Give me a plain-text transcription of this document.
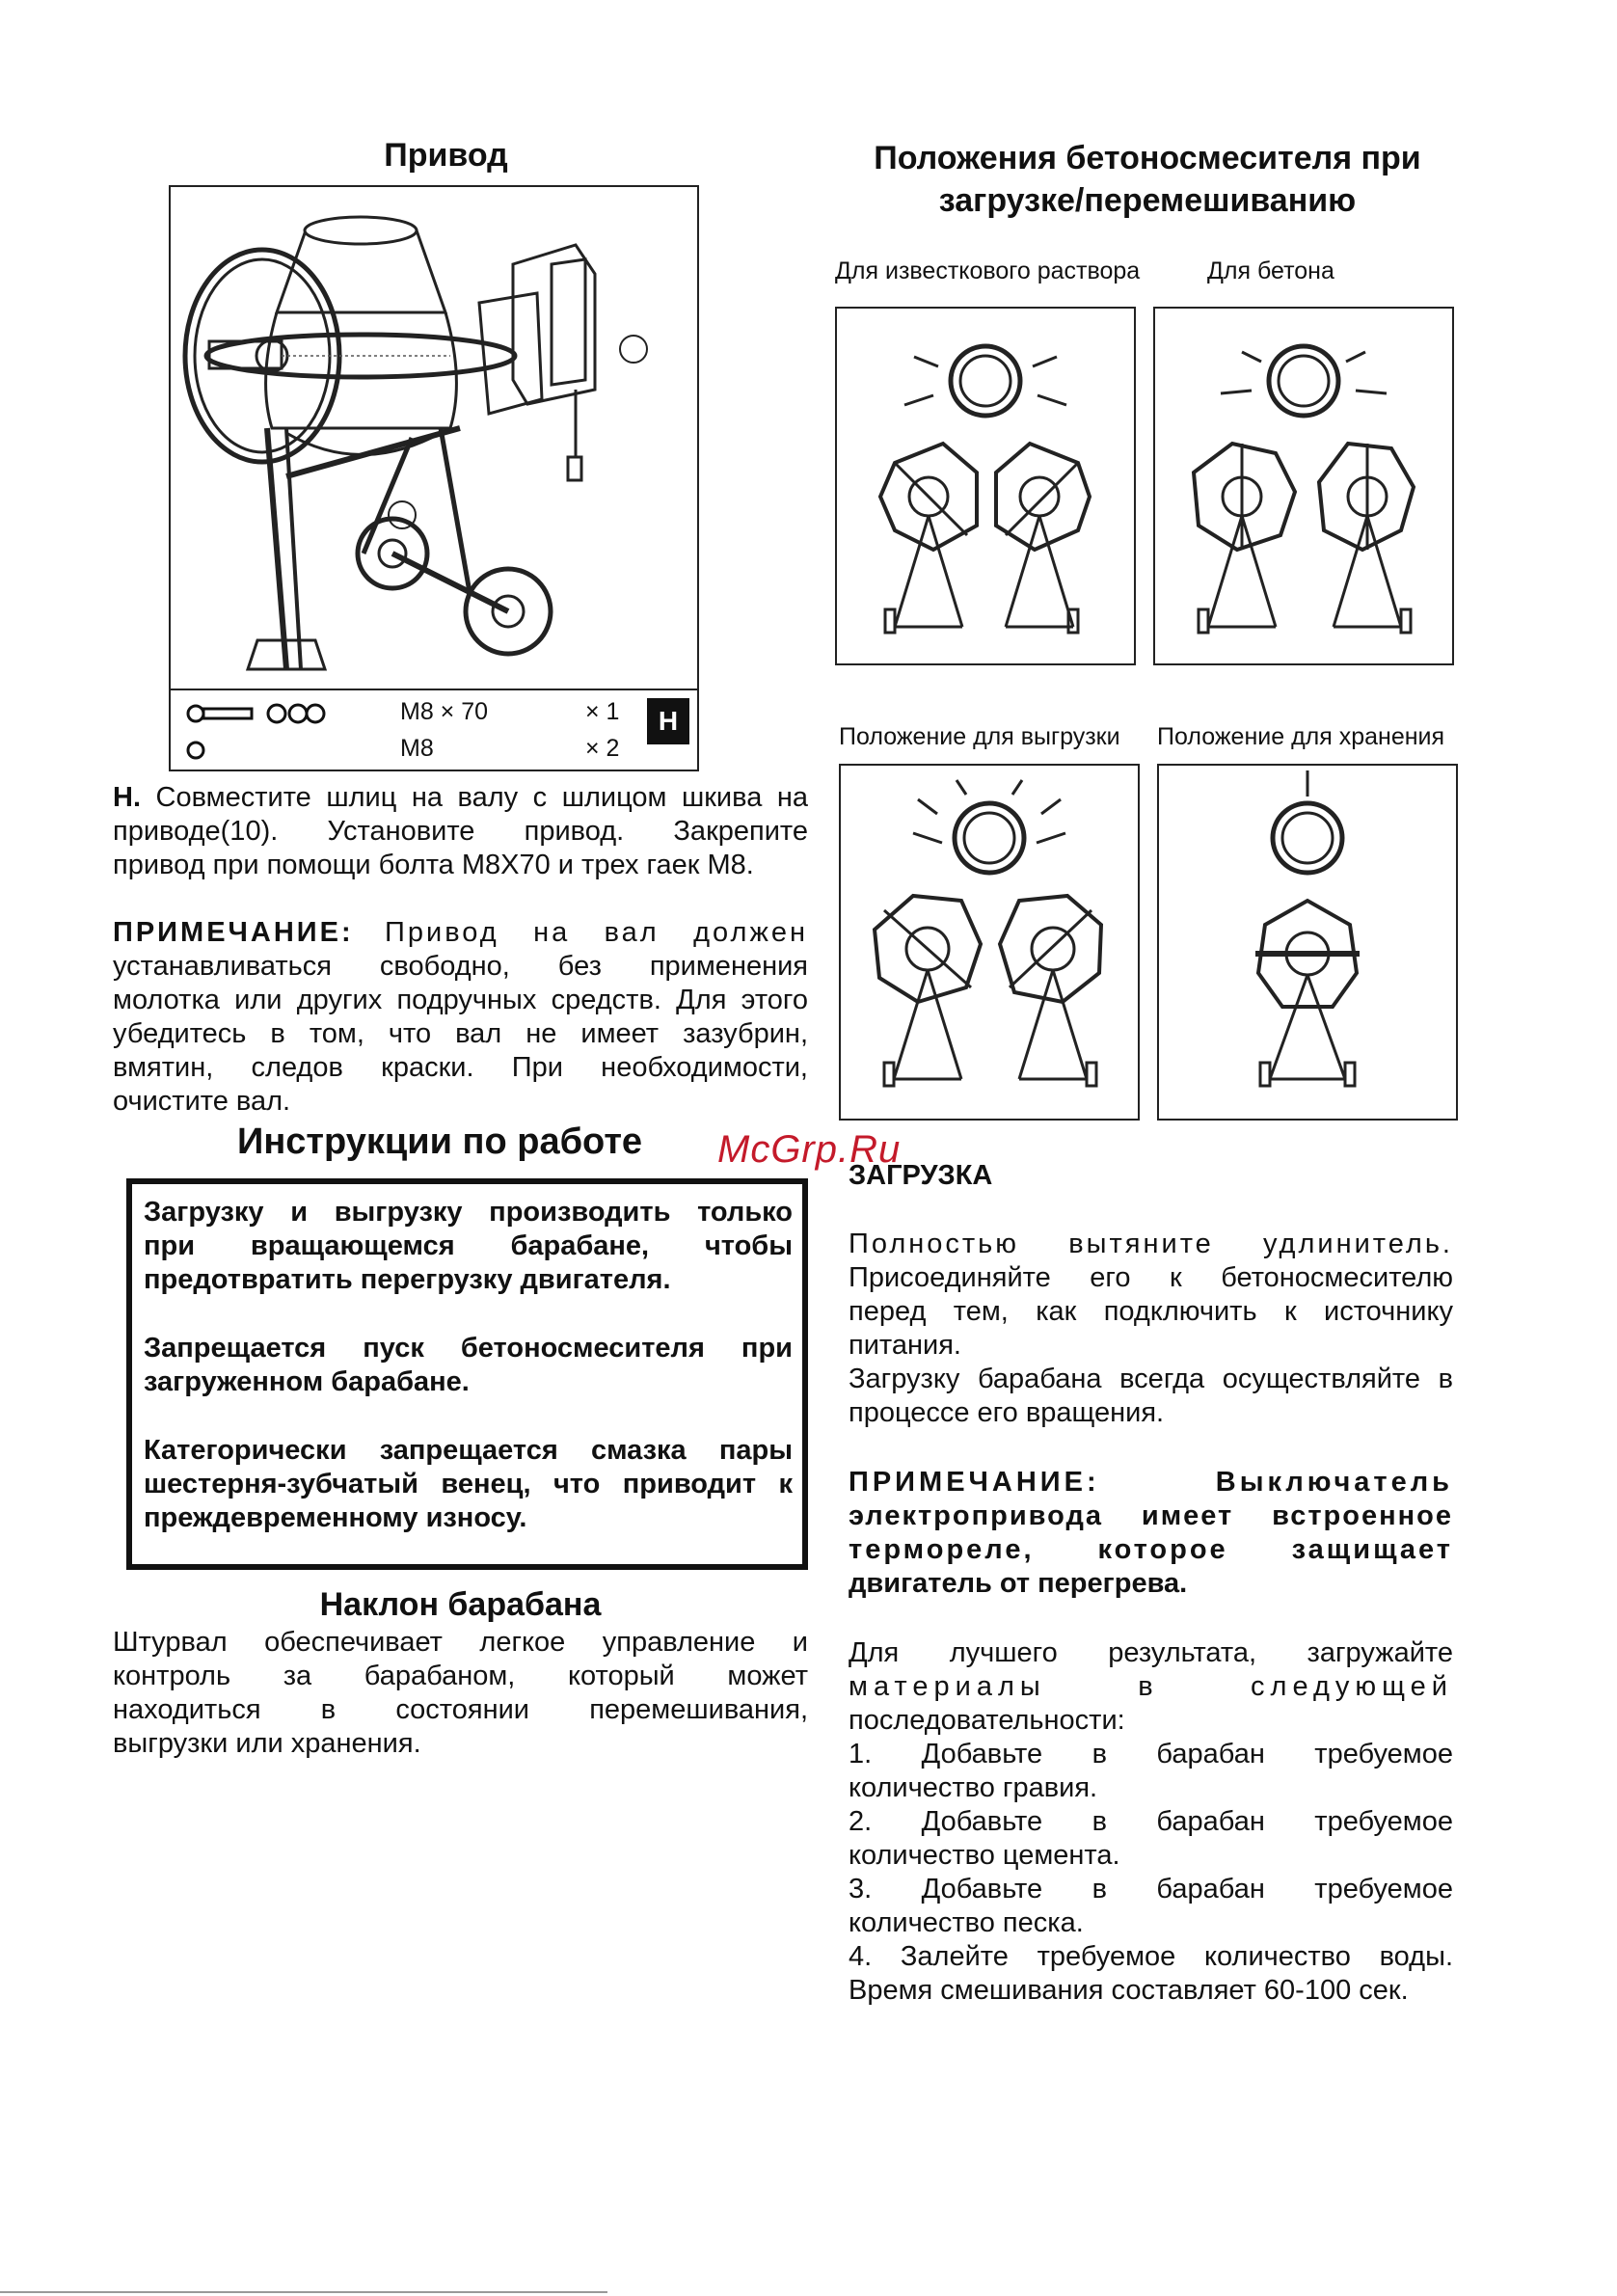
Привод
M8 × 70
M8
× 1
× 2
H
Н. Совместите шлиц на валу с шлицом шкива на
приводе(10). Установите привод. Закрепите
привод при помощи болта М8Х70 и трех гаек М8.
ПРИМЕЧАНИЕ: Привод на вал должен
устанавливаться свободно, без применения
молотка или других подручных средств. Для этого
убедитесь в том, что вал не имеет зазубрин,
вмятин, следов краски. При необходимости,
очистите вал.
Инструкции по работе McGrp.Ru
Загрузку и выгрузку производить только
при вращающемся барабане, чтобы
предотвратить перегрузку двигателя.
Запрещается пуск бетоносмесителя при
загруженном барабане.
Категорически запрещается смазка пары
шестерня-зубчатый венец, что приводит к
преждевременному износу.
Наклон барабана
Штурвал обеспечивает легкое управление и
контроль за барабаном, который может
находиться в состоянии перемешивания,
выгрузки или хранения.
Положения бетоносмесителя при
загрузке/перемешиванию
Для известкового раствора	Для бетона
Положение для выгрузки Положение для хранения
ЗАГРУЗКА
Полностью вытяните удлинитель.
Присоединяйте его к бетоносмесителю
перед тем, как подключить к источнику
питания.
Загрузку барабана всегда осуществляйте в
процессе его вращения.
ПРИМЕЧАНИЕ: Выключатель
электропривода имеет встроенное
термореле, которое защищает
двигатель от перегрева.
Для лучшего результата, загружайте
материалы в следующей
последовательности:
1. Добавьте в барабан требуемое
количество гравия.
2. Добавьте в барабан требуемое
количество цемента.
3. Добавьте в барабан требуемое
количество песка.
4. Залейте требуемое количество воды.
Время смешивания составляет 60-100 сек.
